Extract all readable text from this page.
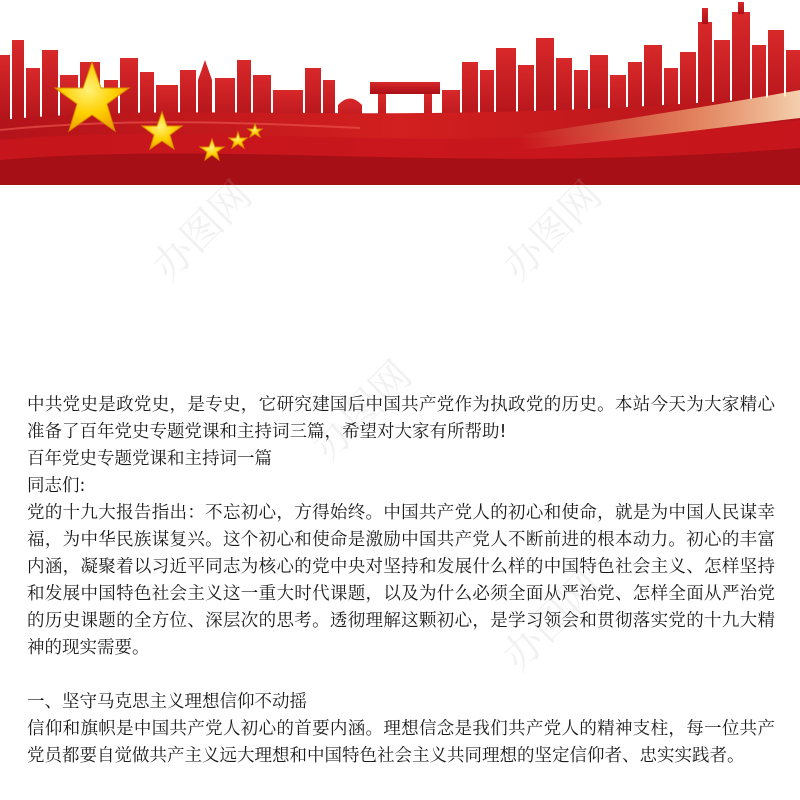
办图网	办图网
办图网
办图网

中共党史是政党史，是专史，它研究建国后中国共产党作为执政党的历史。本站今天为大家精心准备了百年党史专题党课和主持词三篇，希望对大家有所帮助!

百年党史专题党课和主持词一篇

同志们:

党的十九大报告指出：不忘初心，方得始终。中国共产党人的初心和使命，就是为中国人民谋幸福，为中华民族谋复兴。这个初心和使命是激励中国共产党人不断前进的根本动力。初心的丰富内涵，凝聚着以习近平同志为核心的党中央对坚持和发展什么样的中国特色社会主义、怎样坚持和发展中国特色社会主义这一重大时代课题，以及为什么必须全面从严治党、怎样全面从严治党的历史课题的全方位、深层次的思考。透彻理解这颗初心，是学习领会和贯彻落实党的十九大精神的现实需要。

一、坚守马克思主义理想信仰不动摇

信仰和旗帜是中国共产党人初心的首要内涵。理想信念是我们共产党人的精神支柱，每一位共产党员都要自觉做共产主义远大理想和中国特色社会主义共同理想的坚定信仰者、忠实实践者。
